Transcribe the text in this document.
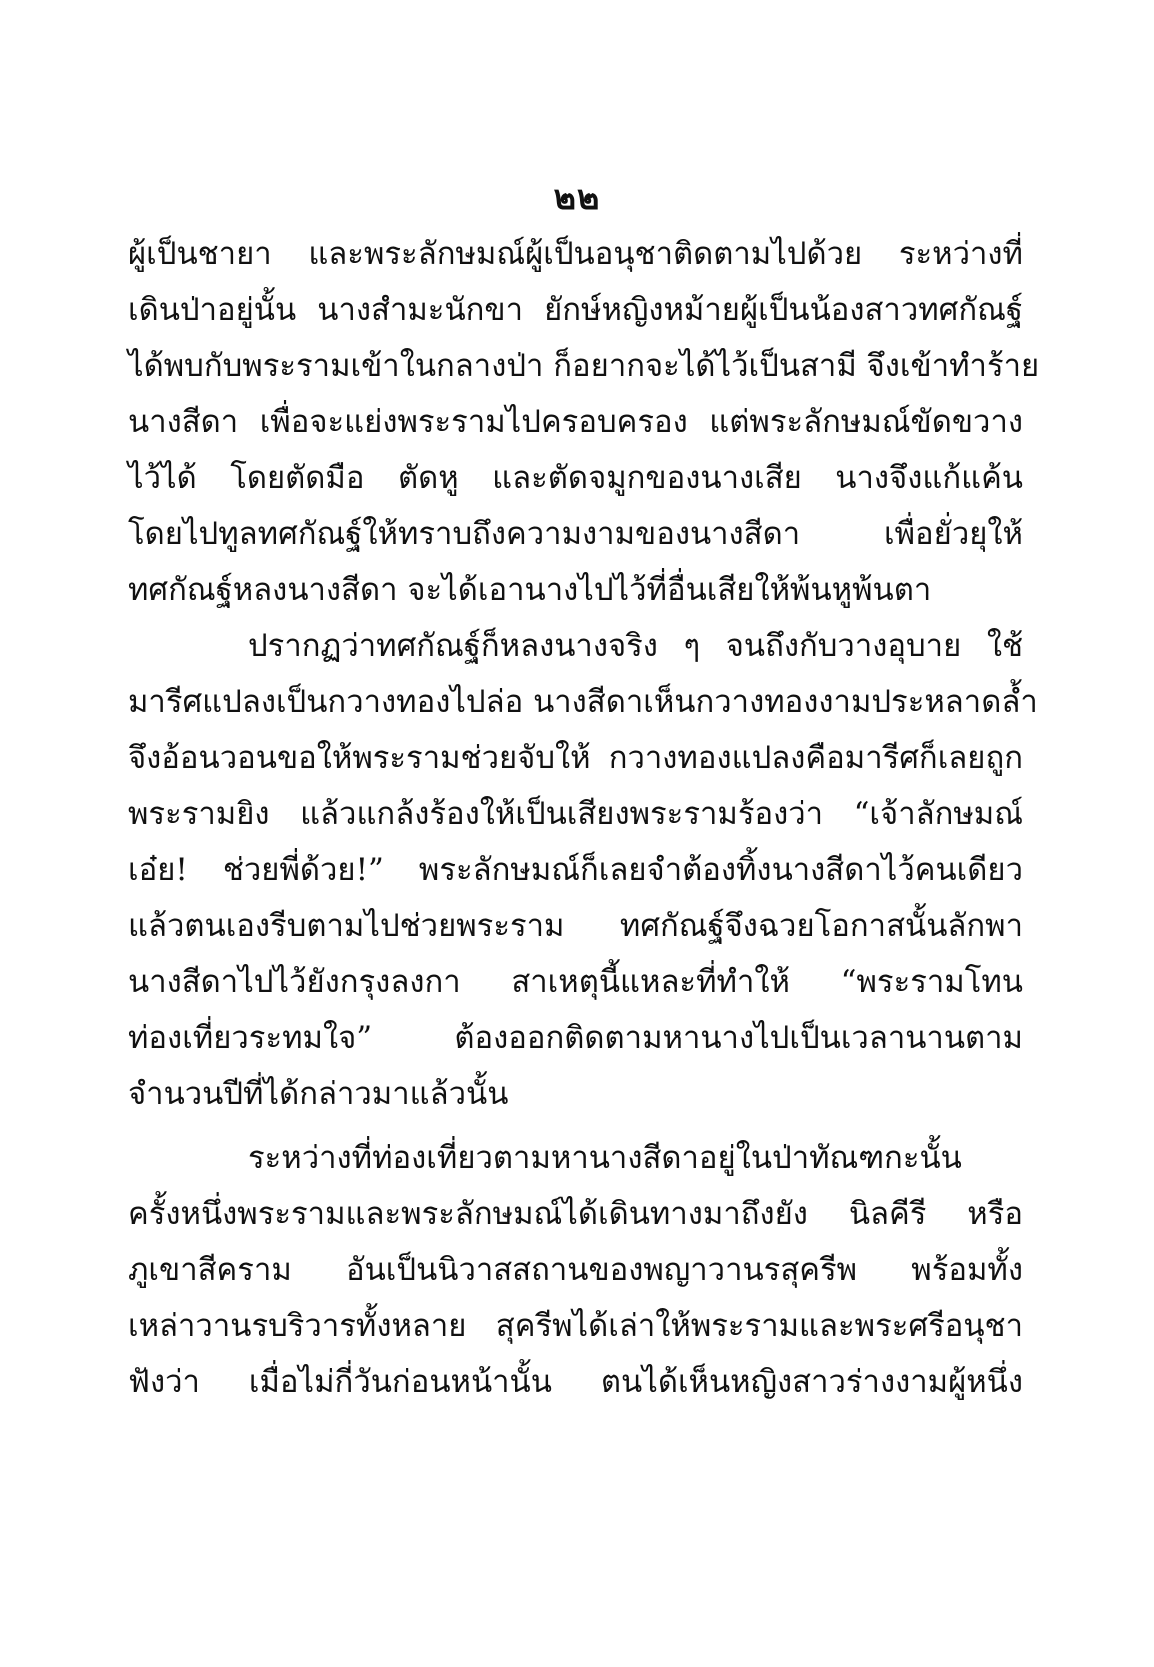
๒๒
ผู้เป็นชายา และพระลักษมณ์ผู้เป็นอนุชาติดตามไปด้วย ระหว่างที่
เดินป่าอยู่นั้น นางสำมะนักขา ยักษ์หญิงหม้ายผู้เป็นน้องสาวทศกัณฐ์
ได้พบกับพระรามเข้าในกลางป่า ก็อยากจะได้ไว้เป็นสามี จึงเข้าทำร้าย
นางสีดา เพื่อจะแย่งพระรามไปครอบครอง แต่พระลักษมณ์ขัดขวาง
ไว้ได้ โดยตัดมือ ตัดหู และตัดจมูกของนางเสีย นางจึงแก้แค้น
โดยไปทูลทศกัณฐ์ให้ทราบถึงความงามของนางสีดา เพื่อยั่วยุให้
ทศกัณฐ์หลงนางสีดา จะได้เอานางไปไว้ที่อื่นเสียให้พ้นหูพ้นตา
ปรากฏว่าทศกัณฐ์ก็หลงนางจริง ๆ จนถึงกับวางอุบาย ใช้
มารีศแปลงเป็นกวางทองไปล่อ นางสีดาเห็นกวางทองงามประหลาดล้ำ
จึงอ้อนวอนขอให้พระรามช่วยจับให้ กวางทองแปลงคือมารีศก็เลยถูก
พระรามยิง แล้วแกล้งร้องให้เป็นเสียงพระรามร้องว่า “เจ้าลักษมณ์
เอ๋ย! ช่วยพี่ด้วย!” พระลักษมณ์ก็เลยจำต้องทิ้งนางสีดาไว้คนเดียว
แล้วตนเองรีบตามไปช่วยพระราม ทศกัณฐ์จึงฉวยโอกาสนั้นลักพา
นางสีดาไปไว้ยังกรุงลงกา สาเหตุนี้แหละที่ทำให้ “พระรามโทน
ท่องเที่ยวระทมใจ” ต้องออกติดตามหานางไปเป็นเวลานานตาม
จำนวนปีที่ได้กล่าวมาแล้วนั้น
ระหว่างที่ท่องเที่ยวตามหานางสีดาอยู่ในป่าทัณฑกะนั้น
ครั้งหนึ่งพระรามและพระลักษมณ์ได้เดินทางมาถึงยัง นิลคีรี หรือ
ภูเขาสีคราม อันเป็นนิวาสสถานของพญาวานรสุครีพ พร้อมทั้ง
เหล่าวานรบริวารทั้งหลาย สุครีพได้เล่าให้พระรามและพระศรีอนุชา
ฟังว่า เมื่อไม่กี่วันก่อนหน้านั้น ตนได้เห็นหญิงสาวร่างงามผู้หนึ่ง
